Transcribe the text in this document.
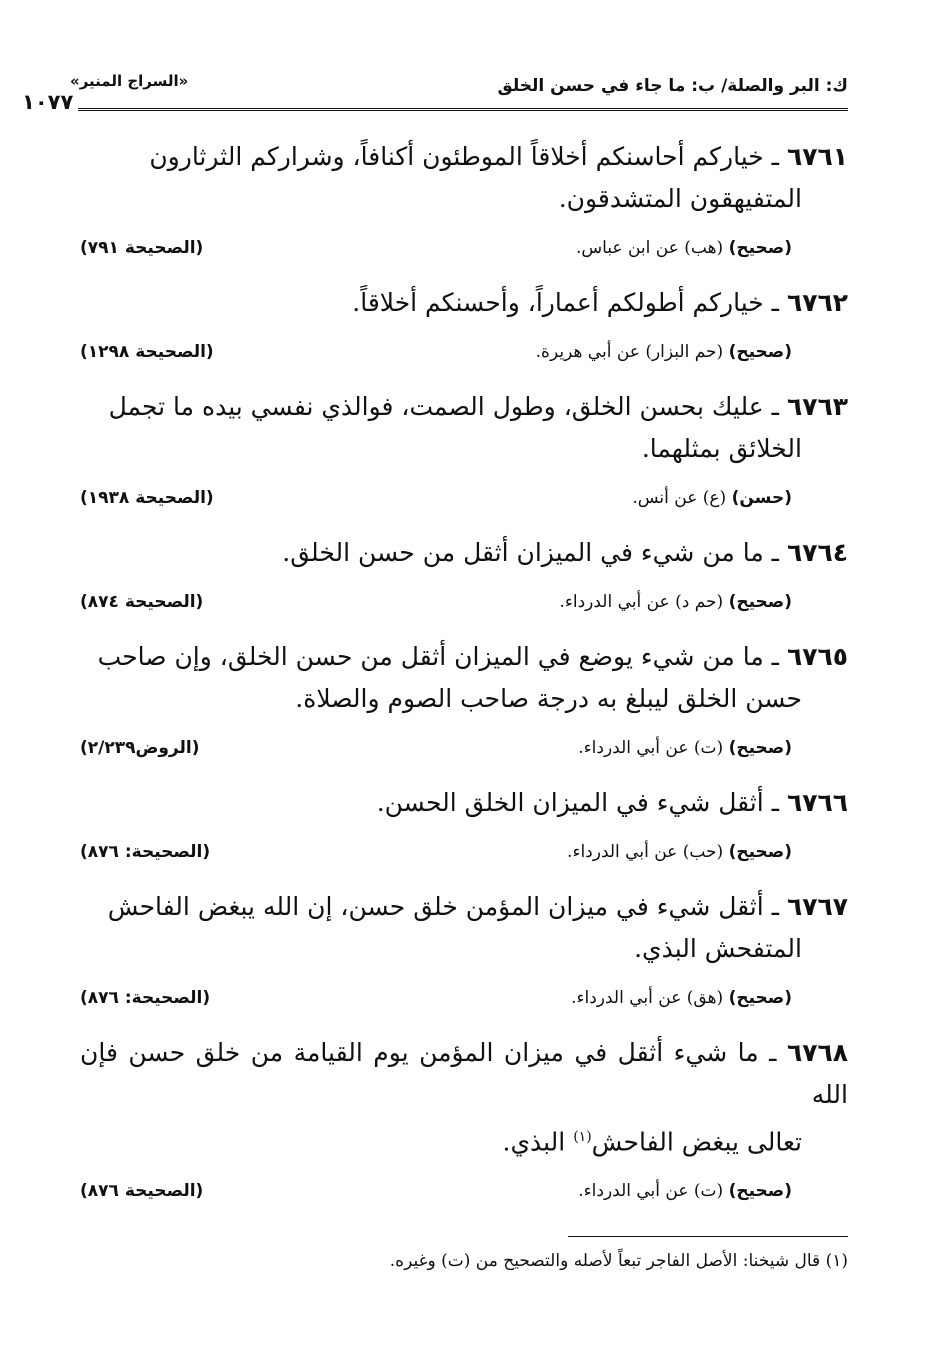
ك: البر والصلة/ ب: ما جاء في حسن الخلق
«السراج المنير»
١٠٧٧
٦٧٦١ ـ خياركم أحاسنكم أخلاقاً الموطئون أكنافاً، وشراركم الثرثارون
المتفيهقون المتشدقون.
(صحيح) (هب) عن ابن عباس.
(الصحيحة ٧٩١)
٦٧٦٢ ـ خياركم أطولكم أعماراً، وأحسنكم أخلاقاً.
(صحيح) (حم البزار) عن أبي هريرة.
(الصحيحة ١٢٩٨)
٦٧٦٣ ـ عليك بحسن الخلق، وطول الصمت، فوالذي نفسي بيده ما تجمل
الخلائق بمثلهما.
(حسن) (ع) عن أنس.
(الصحيحة ١٩٣٨)
٦٧٦٤ ـ ما من شيء في الميزان أثقل من حسن الخلق.
(صحيح) (حم د) عن أبي الدرداء.
(الصحيحة ٨٧٤)
٦٧٦٥ ـ ما من شيء يوضع في الميزان أثقل من حسن الخلق، وإن صاحب
حسن الخلق ليبلغ به درجة صاحب الصوم والصلاة.
(صحيح) (ت) عن أبي الدرداء.
(الروض٢/٢٣٩)
٦٧٦٦ ـ أثقل شيء في الميزان الخلق الحسن.
(صحيح) (حب) عن أبي الدرداء.
(الصحيحة: ٨٧٦)
٦٧٦٧ ـ أثقل شيء في ميزان المؤمن خلق حسن، إن الله يبغض الفاحش
المتفحش البذي.
(صحيح) (هق) عن أبي الدرداء.
(الصحيحة: ٨٧٦)
٦٧٦٨ ـ ما شيء أثقل في ميزان المؤمن يوم القيامة من خلق حسن فإن الله
تعالى يبغض الفاحش$^{(١)}$ البذي.
(صحيح) (ت) عن أبي الدرداء.
(الصحيحة ٨٧٦)
(١) قال شيخنا: الأصل الفاجر تبعاً لأصله والتصحيح من (ت) وغيره.
